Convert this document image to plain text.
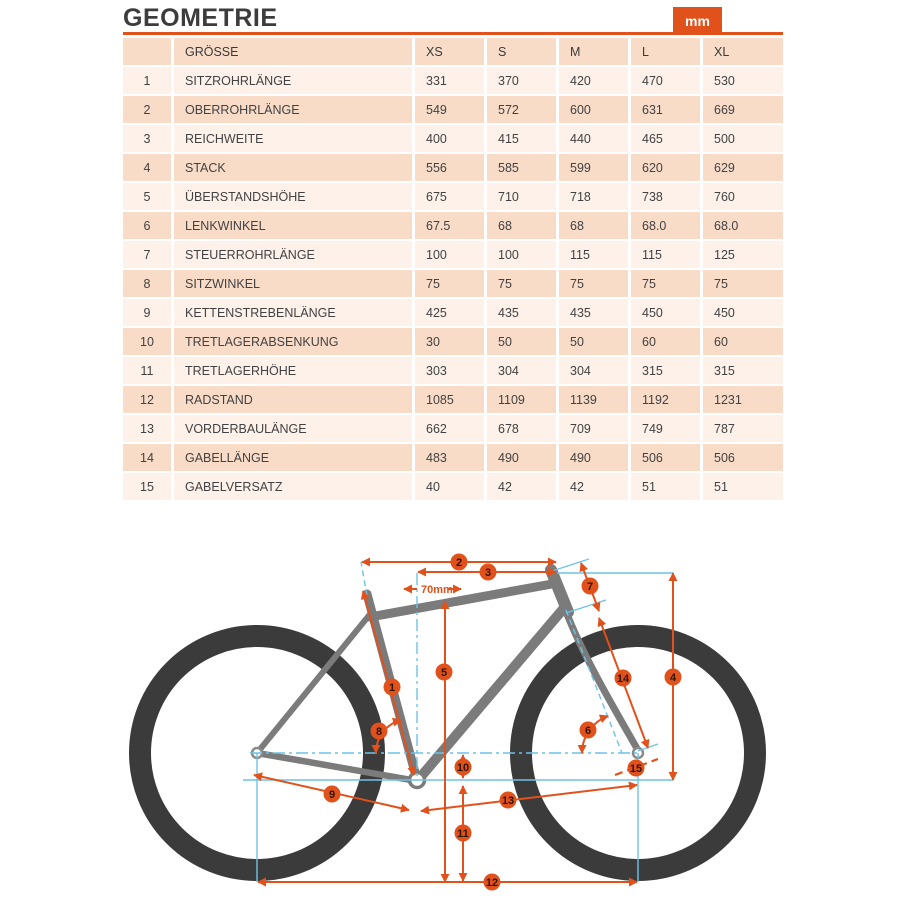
GEOMETRIE	mm
GRÖSSE	XS	S	M	L	XL
1	SITZROHRLÄNGE	331	370	420	470	530
2	OBERROHRLÄNGE	549	572	600	631	669
3	REICHWEITE	400	415	440	465	500
4	STACK	556	585	599	620	629
5	ÜBERSTANDSHÖHE	675	710	718	738	760
6	LENKWINKEL	67.5	68	68	68.0	68.0
7	STEUERROHRLÄNGE	100	100	115	115	125
8	SITZWINKEL	75	75	75	75	75
9	KETTENSTREBENLÄNGE	425	435	435	450	450
10	TRETLAGERABSENKUNG	30	50	50	60	60
11	TRETLAGERHÖHE	303	304	304	315	315
12	RADSTAND	1085	1109	1139	1192	1231
13	VORDERBAULÄNGE	662	678	709	749	787
14	GABELLÄNGE	483	490	490	506	506
15	GABELVERSATZ	40	42	42	51	51
70mm
1
2
3
4
5
6
7
8
9
10
11
12
13
14
15
